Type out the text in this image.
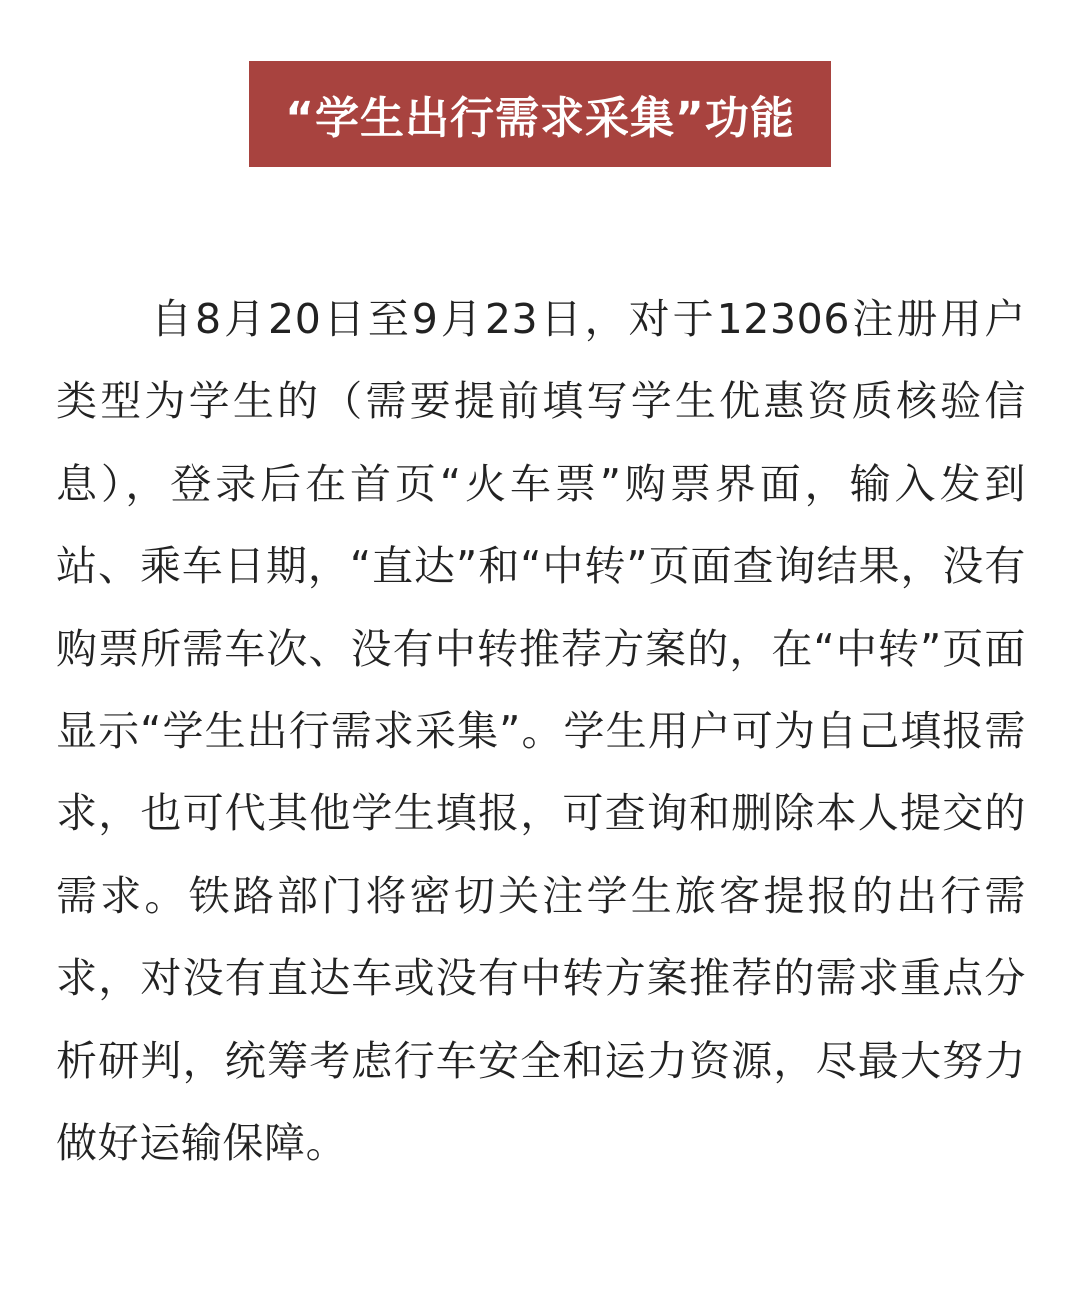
“学生出行需求采集”功能

自8月20日至9月23日，对于12306注册用户类型为学生的（需要提前填写学生优惠资质核验信息），登录后在首页“火车票”购票界面，输入发到站、乘车日期，“直达”和“中转”页面查询结果，没有购票所需车次、没有中转推荐方案的，在“中转”页面显示“学生出行需求采集”。学生用户可为自己填报需求，也可代其他学生填报，可查询和删除本人提交的需求。铁路部门将密切关注学生旅客提报的出行需求，对没有直达车或没有中转方案推荐的需求重点分析研判，统筹考虑行车安全和运力资源，尽最大努力做好运输保障。
